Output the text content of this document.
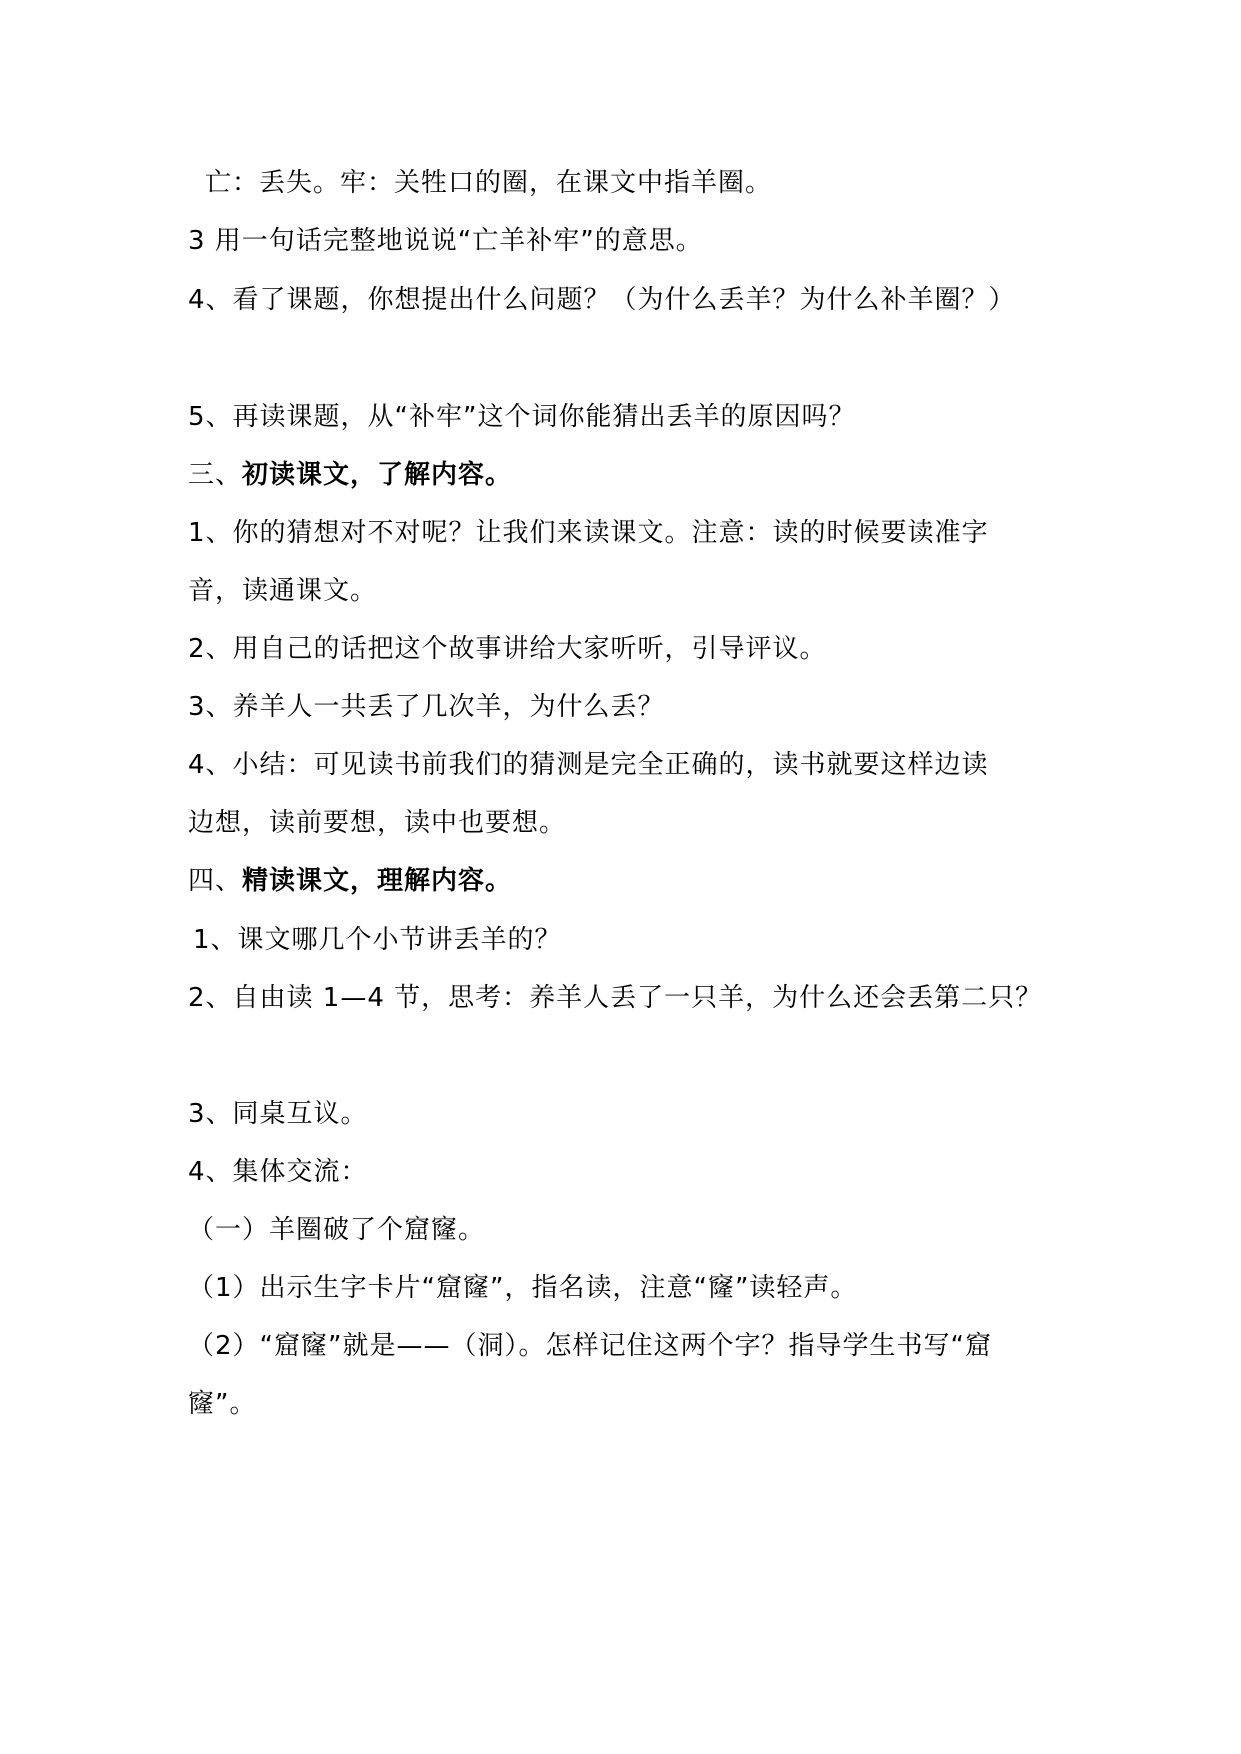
亡：丢失。牢：关牲口的圈，在课文中指羊圈。
3 用一句话完整地说说“亡羊补牢”的意思。
4、看了课题，你想提出什么问题？（为什么丢羊？为什么补羊圈？）
5、再读课题，从“补牢”这个词你能猜出丢羊的原因吗？
三、初读课文，了解内容。
1、你的猜想对不对呢？让我们来读课文。注意：读的时候要读准字
音，读通课文。
2、用自己的话把这个故事讲给大家听听，引导评议。
3、养羊人一共丢了几次羊，为什么丢？
4、小结：可见读书前我们的猜测是完全正确的，读书就要这样边读
边想，读前要想，读中也要想。
四、精读课文，理解内容。
1、课文哪几个小节讲丢羊的？
2、自由读 1—4 节，思考：养羊人丢了一只羊，为什么还会丢第二只？
3、同桌互议。
4、集体交流：
（一）羊圈破了个窟窿。
（1）出示生字卡片“窟窿”，指名读，注意“窿”读轻声。
（2）“窟窿”就是——（洞）。怎样记住这两个字？指导学生书写“窟
窿”。
